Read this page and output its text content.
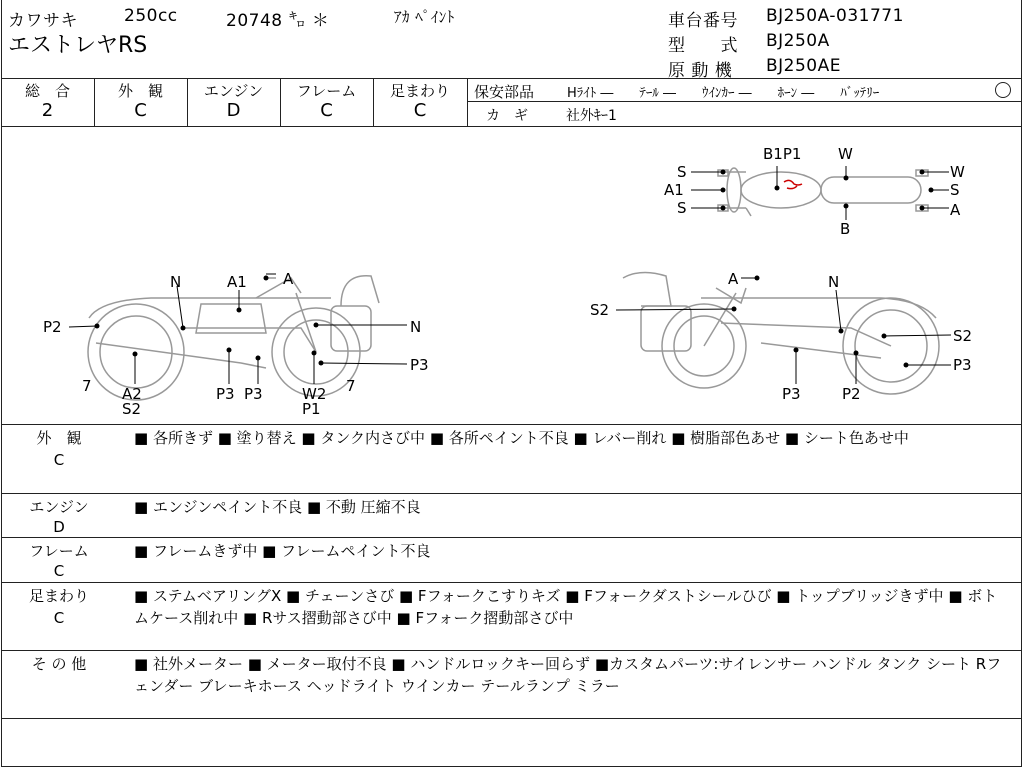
カワサキ	250cc	20748 ㌔ ＊	ｱｶ ﾍﾟｲﾝﾄ
エストレヤRS
車台番号 BJ250A-031771
型　　式 BJ250A
原 動 機 BJ250AE
総　合
2
外　観
C
エンジン
D
フレーム
C
足まわり
C
保安部品	Hﾗｲﾄ ―　　ﾃｰﾙ ―　　ｳｲﾝｶｰ ―　　ﾎｰﾝ ―　　ﾊﾞｯﾃﾘｰ
カ　ギ	社外ｷｰ1
B1P1 W
S
A1
S
W
S
A
B
N	A1 A
P2	N
7 A2
S2
P3 P3	W2
P1
7
P3
A	N
S2
S2
P3
P3	P2
外　観
C
■ 各所きず ■ 塗り替え ■ タンク内さび中 ■ 各所ペイント不良 ■ レバー削れ ■ 樹脂部色あせ ■ シート色あせ中
エンジン
D
■ エンジンペイント不良 ■ 不動 圧縮不良
フレーム
C
■ フレームきず中 ■ フレームペイント不良
足まわり
C
■ ステムベアリングX ■ チェーンさび ■ Fフォークこすりキズ ■ Fフォークダストシールひび ■ トップブリッジきず中 ■ ボトムケース削れ中 ■ Rサス摺動部さび中 ■ Fフォーク摺動部さび中
そ の 他	■ 社外メーター ■ メーター取付不良 ■ ハンドルロックキー回らず ■カスタムパーツ:サイレンサー ハンドル タンク シート Rフェンダー ブレーキホース ヘッドライト ウインカー テールランプ ミラー
